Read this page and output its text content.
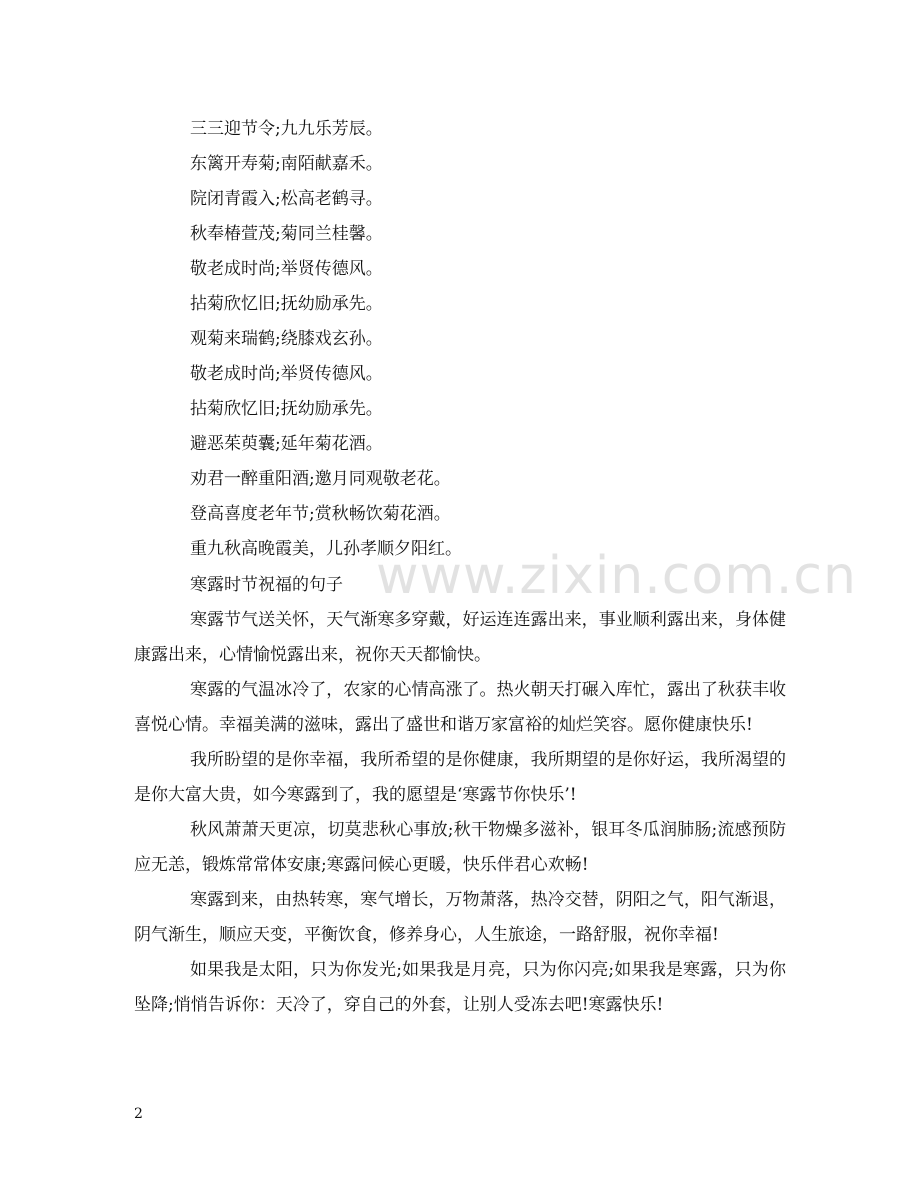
三三迎节令;九九乐芳辰。
东篱开寿菊;南陌献嘉禾。
院闭青霞入;松高老鹤寻。
秋奉椿萱茂;菊同兰桂馨。
敬老成时尚;举贤传德风。
拈菊欣忆旧;抚幼励承先。
观菊来瑞鹤;绕膝戏玄孙。
敬老成时尚;举贤传德风。
拈菊欣忆旧;抚幼励承先。
避恶茱萸囊;延年菊花酒。
劝君一醉重阳酒;邀月同观敬老花。
登高喜度老年节;赏秋畅饮菊花酒。
重九秋高晚霞美，儿孙孝顺夕阳红。
www.zixin.com.cn
寒露时节祝福的句子

寒露节气送关怀，天气渐寒多穿戴，好运连连露出来，事业顺利露出来，身体健康露出来，心情愉悦露出来，祝你天天都愉快。

寒露的气温冰冷了，农家的心情高涨了。热火朝天打碾入库忙，露出了秋获丰收喜悦心情。幸福美满的滋味，露出了盛世和谐万家富裕的灿烂笑容。愿你健康快乐!

我所盼望的是你幸福，我所希望的是你健康，我所期望的是你好运，我所渴望的是你大富大贵，如今寒露到了，我的愿望是‘寒露节你快乐’!

秋风萧萧天更凉，切莫悲秋心事放;秋干物燥多滋补，银耳冬瓜润肺肠;流感预防应无恙，锻炼常常体安康;寒露问候心更暖，快乐伴君心欢畅!

寒露到来，由热转寒，寒气增长，万物萧落，热冷交替，阴阳之气，阳气渐退，阴气渐生，顺应天变，平衡饮食，修养身心，人生旅途，一路舒服，祝你幸福!

如果我是太阳，只为你发光;如果我是月亮，只为你闪亮;如果我是寒露，只为你坠降;悄悄告诉你：天冷了，穿自己的外套，让别人受冻去吧!寒露快乐!

2
